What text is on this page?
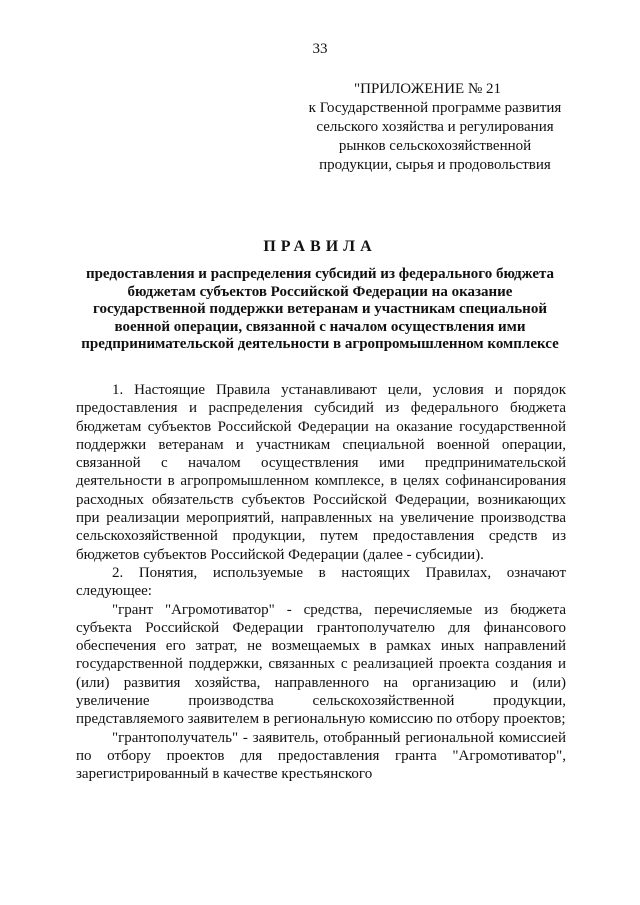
33
"ПРИЛОЖЕНИЕ № 21
к Государственной программе развития
сельского хозяйства и регулирования
рынков сельскохозяйственной
продукции, сырья и продовольствия
ПРАВИЛА
предоставления и распределения субсидий из федерального бюджета
бюджетам субъектов Российской Федерации на оказание
государственной поддержки ветеранам и участникам специальной
военной операции, связанной с началом осуществления ими
предпринимательской деятельности в агропромышленном комплексе

1. Настоящие Правила устанавливают цели, условия и порядок предоставления и распределения субсидий из федерального бюджета бюджетам субъектов Российской Федерации на оказание государственной поддержки ветеранам и участникам специальной военной операции, связанной с началом осуществления ими предпринимательской деятельности в агропромышленном комплексе, в целях софинансирования расходных обязательств субъектов Российской Федерации, возникающих при реализации мероприятий, направленных на увеличение производства сельскохозяйственной продукции, путем предоставления средств из бюджетов субъектов Российской Федерации (далее - субсидии).

2. Понятия, используемые в настоящих Правилах, означают следующее:

"грант "Агромотиватор" - средства, перечисляемые из бюджета субъекта Российской Федерации грантополучателю для финансового обеспечения его затрат, не возмещаемых в рамках иных направлений государственной поддержки, связанных с реализацией проекта создания и (или) развития хозяйства, направленного на организацию и (или) увеличение производства сельскохозяйственной продукции, представляемого заявителем в региональную комиссию по отбору проектов;

"грантополучатель" - заявитель, отобранный региональной комиссией по отбору проектов для предоставления гранта "Агромотиватор", зарегистрированный в качестве крестьянского
